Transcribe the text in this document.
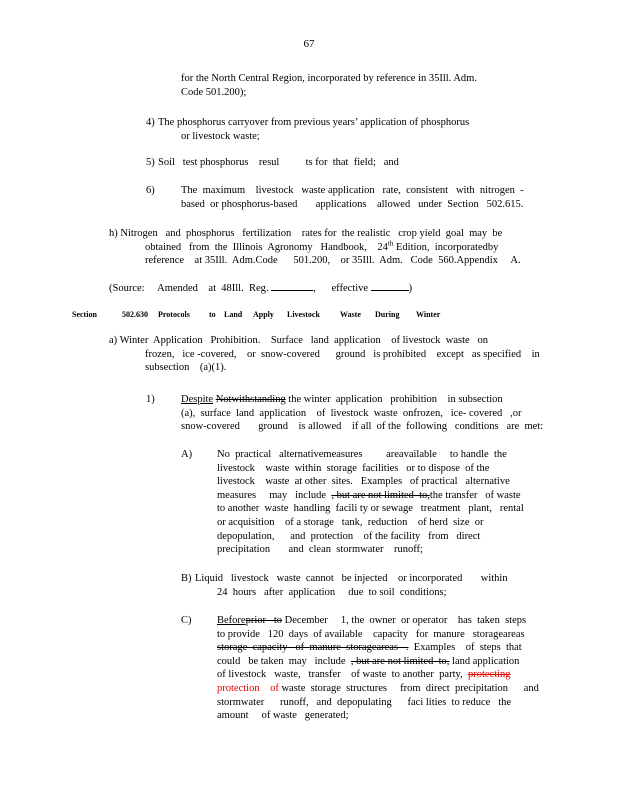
67
for the North Central Region, incorporated by reference in 35Ill. Adm.
Code 501.200);
4) The phosphorus carryover from previous years’ application of phosphorus
or livestock waste;
5) Soil   test phosphorus    resul          ts for  that  field;   and
6)	The  maximum    livestock   waste application   rate,  consistent   with  nitrogen  -
based  or phosphorus-based       applications    allowed   under  Section   502.615.
h) Nitrogen   and  phosphorus   fertilization    rates for  the realistic   crop yield  goal  may  be
obtained   from  the  Illinois  Agronomy   Handbook,    24th Edition,  incorporatedby
reference    at 35Ill.  Adm.Code      501.200,    or 35Ill.  Adm.   Code  560.Appendix     A.
(Source:     Amended    at  48Ill.  Reg.	,      effective	)
Section	502.630 Protocols to Land Apply Livestock	Waste During Winter
a) Winter  Application   Prohibition.    Surface   land  application    of livestock  waste   on
frozen,   ice -covered,    or  snow-covered      ground   is prohibited    except   as specified    in
subsection    (a)(1).
1)	Despite Notwithstanding the winter  application   prohibition    in subsection
(a),  surface  land  application    of  livestock  waste  onfrozen,   ice- covered   ,or
snow-covered       ground    is allowed    if all  of the  following   conditions   are  met:
A) No  practical   alternativemeasures         areavailable     to handle  the
livestock    waste  within  storage  facilities   or to dispose  of the
livestock    waste  at other  sites.   Examples   of practical   alternative
measures     may   include  , but are not limited  to,the transfer   of waste
to another  waste  handling  facili ty or sewage   treatment   plant,   rental
or acquisition    of a storage   tank,  reduction    of herd  size  or
depopulation,      and  protection    of the facility   from   direct
precipitation       and  clean  stormwater    runoff;
B) Liquid   livestock   waste  cannot   be injected    or incorporated       within
24  hours   after  application     due  to soil  conditions;
C) Beforeprior   to December     1, the  owner  or operator    has  taken  steps
to provide   120  days  of available    capacity   for  manure   storageareas
storage  capacity   of  manure  storageareas   .  Examples    of  steps  that
could   be taken  may   include  , but are not limited  to, land application
of livestock   waste,   transfer    of waste  to another  party,  protecting
protection    of waste  storage  structures     from  direct  precipitation      and
stormwater      runoff,   and  depopulating      faci lities  to reduce   the
amount     of waste   generated;
